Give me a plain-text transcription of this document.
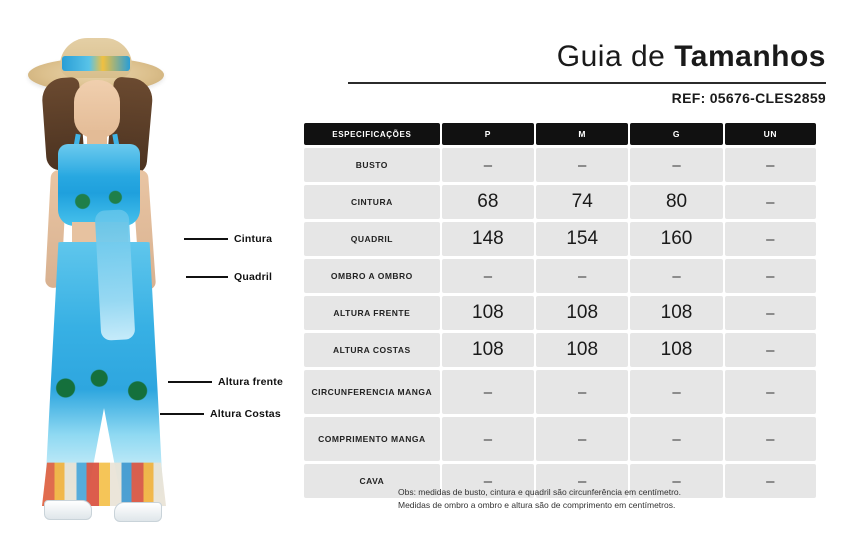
Cintura
Quadril
Altura frente
Altura Costas
Guia de Tamanhos
REF: 05676-CLES2859
ESPECIFICAÇÕES	P	M	G	UN
BUSTO	–	–	–	–
CINTURA	68	74	80	–
QUADRIL	148	154	160	–
OMBRO A OMBRO	–	–	–	–
ALTURA FRENTE	108	108	108	–
ALTURA COSTAS	108	108	108	–
CIRCUNFERENCIA MANGA	–	–	–	–
COMPRIMENTO MANGA	–	–	–	–
CAVA	–	–	–	–
Obs: medidas de busto, cintura e quadril são circunferência em centímetro.
Medidas de ombro a ombro e altura são de comprimento em centímetros.
